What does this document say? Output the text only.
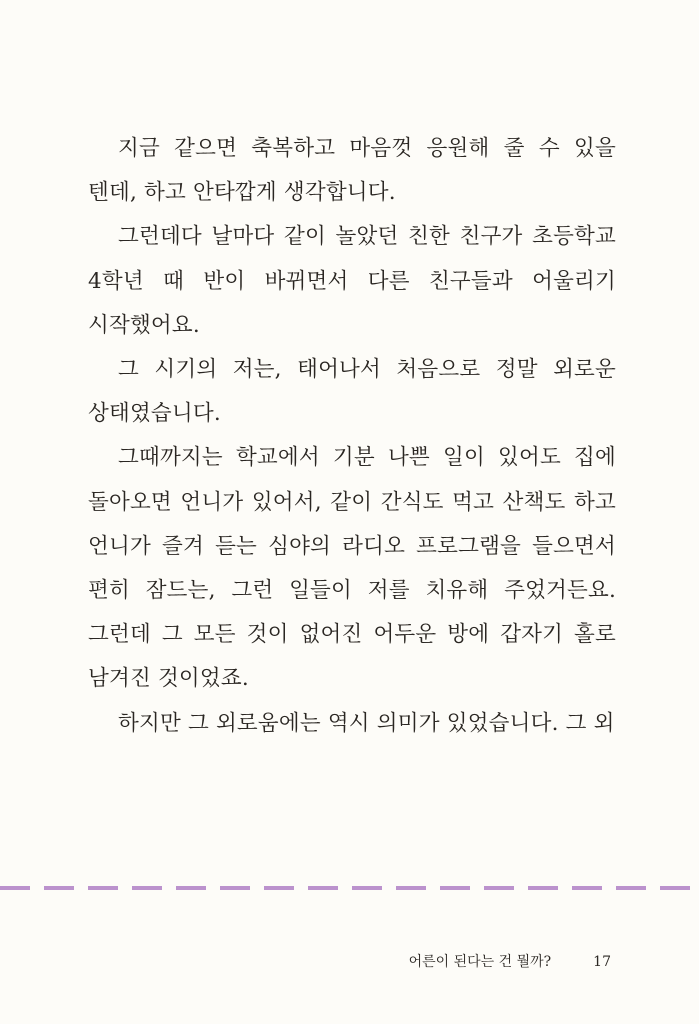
지금 같으면 축복하고 마음껏 응원해 줄 수 있을 텐데, 하고 안타깝게 생각합니다.

그런데다 날마다 같이 놀았던 친한 친구가 초등학교 4학년 때 반이 바뀌면서 다른 친구들과 어울리기 시작했어요.

그 시기의 저는, 태어나서 처음으로 정말 외로운 상태였습니다.

그때까지는 학교에서 기분 나쁜 일이 있어도 집에 돌아오면 언니가 있어서, 같이 간식도 먹고 산책도 하고 언니가 즐겨 듣는 심야의 라디오 프로그램을 들으면서 편히 잠드는, 그런 일들이 저를 치유해 주었거든요. 그런데 그 모든 것이 없어진 어두운 방에 갑자기 홀로 남겨진 것이었죠.

하지만 그 외로움에는 역시 의미가 있었습니다. 그 외

어른이 된다는 건 뭘까?	17
